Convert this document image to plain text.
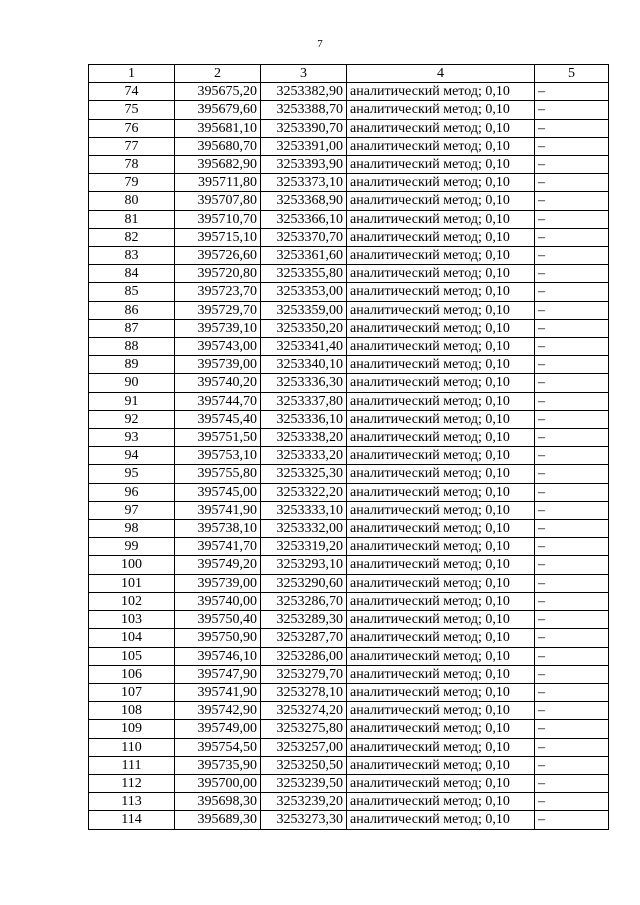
7
1	2	3	4	5
74	395675,20	3253382,90	аналитический метод; 0,10	–
75	395679,60	3253388,70	аналитический метод; 0,10	–
76	395681,10	3253390,70	аналитический метод; 0,10	–
77	395680,70	3253391,00	аналитический метод; 0,10	–
78	395682,90	3253393,90	аналитический метод; 0,10	–
79	395711,80	3253373,10	аналитический метод; 0,10	–
80	395707,80	3253368,90	аналитический метод; 0,10	–
81	395710,70	3253366,10	аналитический метод; 0,10	–
82	395715,10	3253370,70	аналитический метод; 0,10	–
83	395726,60	3253361,60	аналитический метод; 0,10	–
84	395720,80	3253355,80	аналитический метод; 0,10	–
85	395723,70	3253353,00	аналитический метод; 0,10	–
86	395729,70	3253359,00	аналитический метод; 0,10	–
87	395739,10	3253350,20	аналитический метод; 0,10	–
88	395743,00	3253341,40	аналитический метод; 0,10	–
89	395739,00	3253340,10	аналитический метод; 0,10	–
90	395740,20	3253336,30	аналитический метод; 0,10	–
91	395744,70	3253337,80	аналитический метод; 0,10	–
92	395745,40	3253336,10	аналитический метод; 0,10	–
93	395751,50	3253338,20	аналитический метод; 0,10	–
94	395753,10	3253333,20	аналитический метод; 0,10	–
95	395755,80	3253325,30	аналитический метод; 0,10	–
96	395745,00	3253322,20	аналитический метод; 0,10	–
97	395741,90	3253333,10	аналитический метод; 0,10	–
98	395738,10	3253332,00	аналитический метод; 0,10	–
99	395741,70	3253319,20	аналитический метод; 0,10	–
100	395749,20	3253293,10	аналитический метод; 0,10	–
101	395739,00	3253290,60	аналитический метод; 0,10	–
102	395740,00	3253286,70	аналитический метод; 0,10	–
103	395750,40	3253289,30	аналитический метод; 0,10	–
104	395750,90	3253287,70	аналитический метод; 0,10	–
105	395746,10	3253286,00	аналитический метод; 0,10	–
106	395747,90	3253279,70	аналитический метод; 0,10	–
107	395741,90	3253278,10	аналитический метод; 0,10	–
108	395742,90	3253274,20	аналитический метод; 0,10	–
109	395749,00	3253275,80	аналитический метод; 0,10	–
110	395754,50	3253257,00	аналитический метод; 0,10	–
111	395735,90	3253250,50	аналитический метод; 0,10	–
112	395700,00	3253239,50	аналитический метод; 0,10	–
113	395698,30	3253239,20	аналитический метод; 0,10	–
114	395689,30	3253273,30	аналитический метод; 0,10	–
